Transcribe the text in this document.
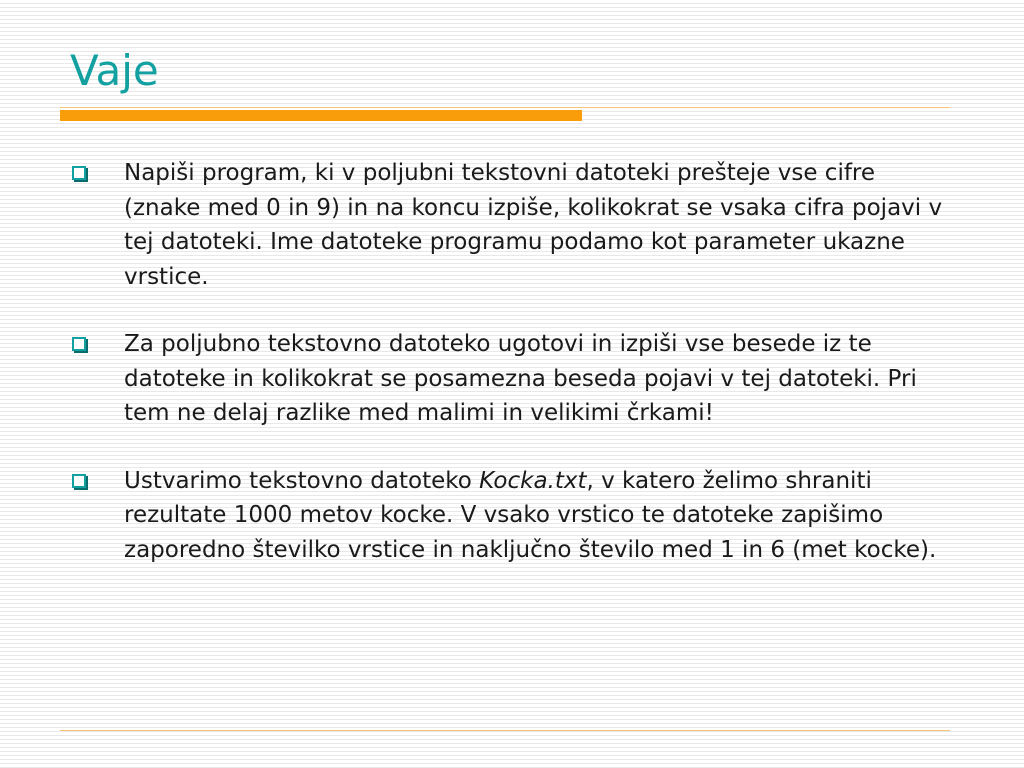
Vaje
Napiši program, ki v poljubni tekstovni datoteki prešteje vse cifre (znake med 0 in 9) in na koncu izpiše, kolikokrat se vsaka cifra pojavi v tej datoteki. Ime datoteke programu podamo kot parameter ukazne vrstice.
Za poljubno tekstovno datoteko ugotovi in izpiši vse besede iz te datoteke in kolikokrat se posamezna beseda pojavi v tej datoteki. Pri tem ne delaj razlike med malimi in velikimi črkami!
Ustvarimo tekstovno datoteko Kocka.txt, v katero želimo shraniti rezultate 1000 metov kocke. V vsako vrstico te datoteke zapišimo zaporedno številko vrstice in naključno število med 1 in 6 (met kocke).
